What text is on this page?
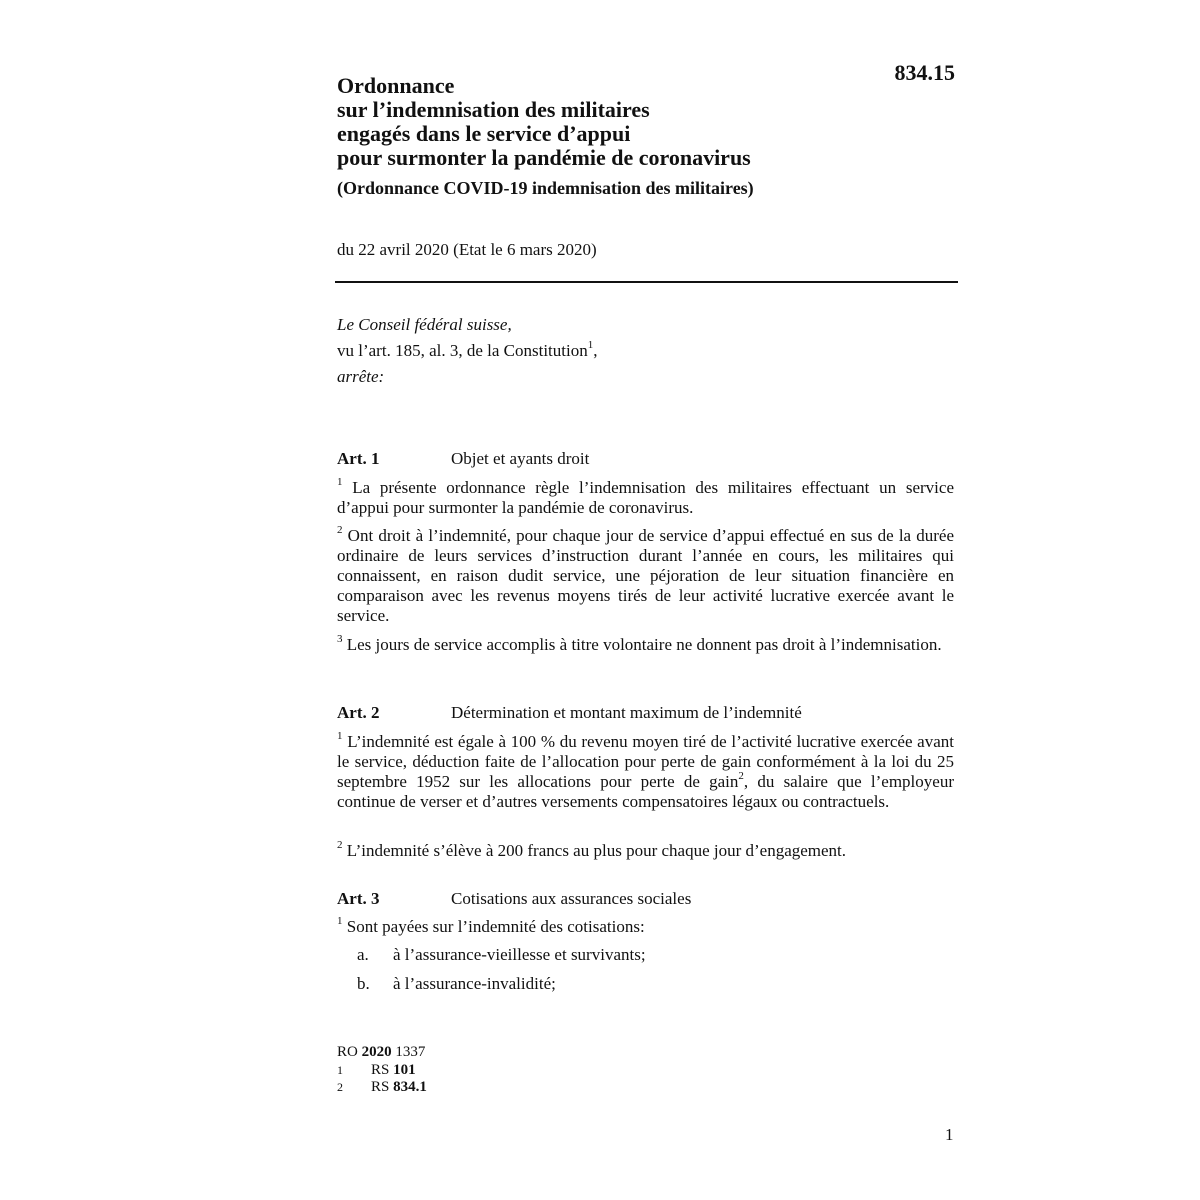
834.15
Ordonnance
sur l’indemnisation des militaires
engagés dans le service d’appui
pour surmonter la pandémie de coronavirus
(Ordonnance COVID-19 indemnisation des militaires)
du 22 avril 2020 (Etat le 6 mars 2020)
Le Conseil fédéral suisse,
vu l’art. 185, al. 3, de la Constitution$^1$,
arrête:
Art. 1	Objet et ayants droit

$^1$ La présente ordonnance règle l’indemnisation des militaires effectuant un service d’appui pour surmonter la pandémie de coronavirus.

$^2$ Ont droit à l’indemnité, pour chaque jour de service d’appui effectué en sus de la durée ordinaire de leurs services d’instruction durant l’année en cours, les militaires qui connaissent, en raison dudit service, une péjoration de leur situation financière en comparaison avec les revenus moyens tirés de leur activité lucrative exercée avant le service.

$^3$ Les jours de service accomplis à titre volontaire ne donnent pas droit à l’indemnisation.

Art. 2	Détermination et montant maximum de l’indemnité

$^1$ L’indemnité est égale à 100 % du revenu moyen tiré de l’activité lucrative exercée avant le service, déduction faite de l’allocation pour perte de gain conformément à la loi du 25 septembre 1952 sur les allocations pour perte de gain$^2$, du salaire que l’employeur continue de verser et d’autres versements compensatoires légaux ou contractuels.

$^2$ L’indemnité s’élève à 200 francs au plus pour chaque jour d’engagement.

Art. 3	Cotisations aux assurances sociales

$^1$ Sont payées sur l’indemnité des cotisations:

a. à l’assurance-vieillesse et survivants;
b. à l’assurance-invalidité;
RO 2020 1337
1 RS 101
2 RS 834.1
1
